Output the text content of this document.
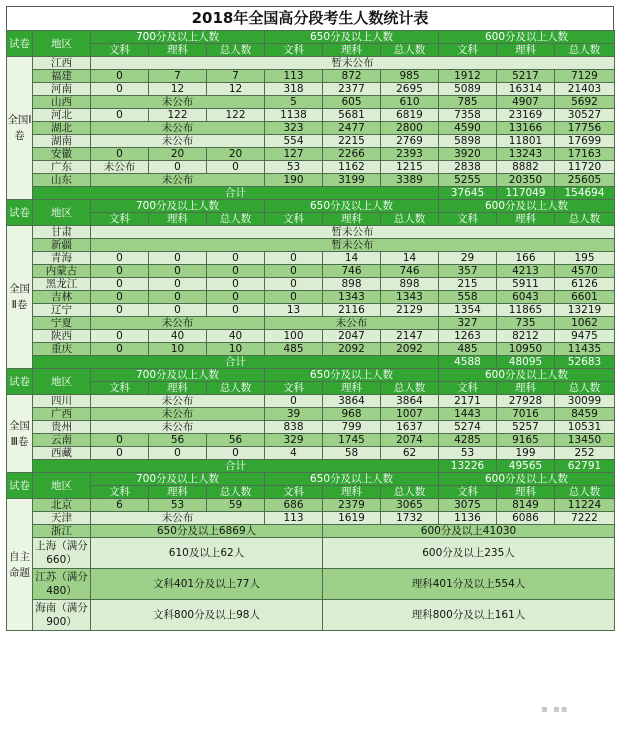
2018年全国高分段考生人数统计表
试卷	地区	700分及以上人数			650分及以上人数			600分及以上人数		
		文科	理科	总人数	文科	理科	总人数	文科	理科	总人数
全国Ⅰ卷	江西	暂未公布								
	福建	0	7	7	113	872	985	1912	5217	7129
	河南	0	12	12	318	2377	2695	5089	16314	21403
	山西	未公布			5	605	610	785	4907	5692
	河北	0	122	122	1138	5681	6819	7358	23169	30527
	湖北	未公布			323	2477	2800	4590	13166	17756
	湖南	未公布			554	2215	2769	5898	11801	17699
	安徽	0	20	20	127	2266	2393	3920	13243	17163
	广东	未公布	0	0	53	1162	1215	2838	8882	11720
	山东	未公布			190	3199	3389	5255	20350	25605
	合计							37645	117049	154694
试卷	地区	700分及以上人数			650分及以上人数			600分及以上人数		
		文科	理科	总人数	文科	理科	总人数	文科	理科	总人数
全国Ⅱ卷	甘肃	暂未公布								
	新疆	暂未公布								
	青海	0	0	0	0	14	14	29	166	195
	内蒙古	0	0	0	0	746	746	357	4213	4570
	黑龙江	0	0	0	0	898	898	215	5911	6126
	吉林	0	0	0	0	1343	1343	558	6043	6601
	辽宁	0	0	0	13	2116	2129	1354	11865	13219
	宁夏	未公布			未公布			327	735	1062
	陕西	0	40	40	100	2047	2147	1263	8212	9475
	重庆	0	10	10	485	2092	2092	485	10950	11435
	合计							4588	48095	52683
试卷	地区	700分及以上人数			650分及以上人数			600分及以上人数		
		文科	理科	总人数	文科	理科	总人数	文科	理科	总人数
全国Ⅲ卷	四川	未公布			0	3864	3864	2171	27928	30099
	广西	未公布			39	968	1007	1443	7016	8459
	贵州	未公布			838	799	1637	5274	5257	10531
	云南	0	56	56	329	1745	2074	4285	9165	13450
	西藏	0	0	0	4	58	62	53	199	252
	合计							13226	49565	62791
试卷	地区	700分及以上人数			650分及以上人数			600分及以上人数		
		文科	理科	总人数	文科	理科	总人数	文科	理科	总人数
自主命题	北京	6	53	59	686	2379	3065	3075	8149	11224
	天津	未公布			113	1619	1732	1136	6086	7222
	浙江	650分及以上6869人				600分及以上41030				
	上海（满分660）	610及以上62人				600分及以上235人				
	江苏（满分480）	文科401分及以上77人				理科401分及以上554人				
	海南（满分900）	文科800分及以上98人				理科800分及以上161人				
▪︎ ▪︎▪︎
